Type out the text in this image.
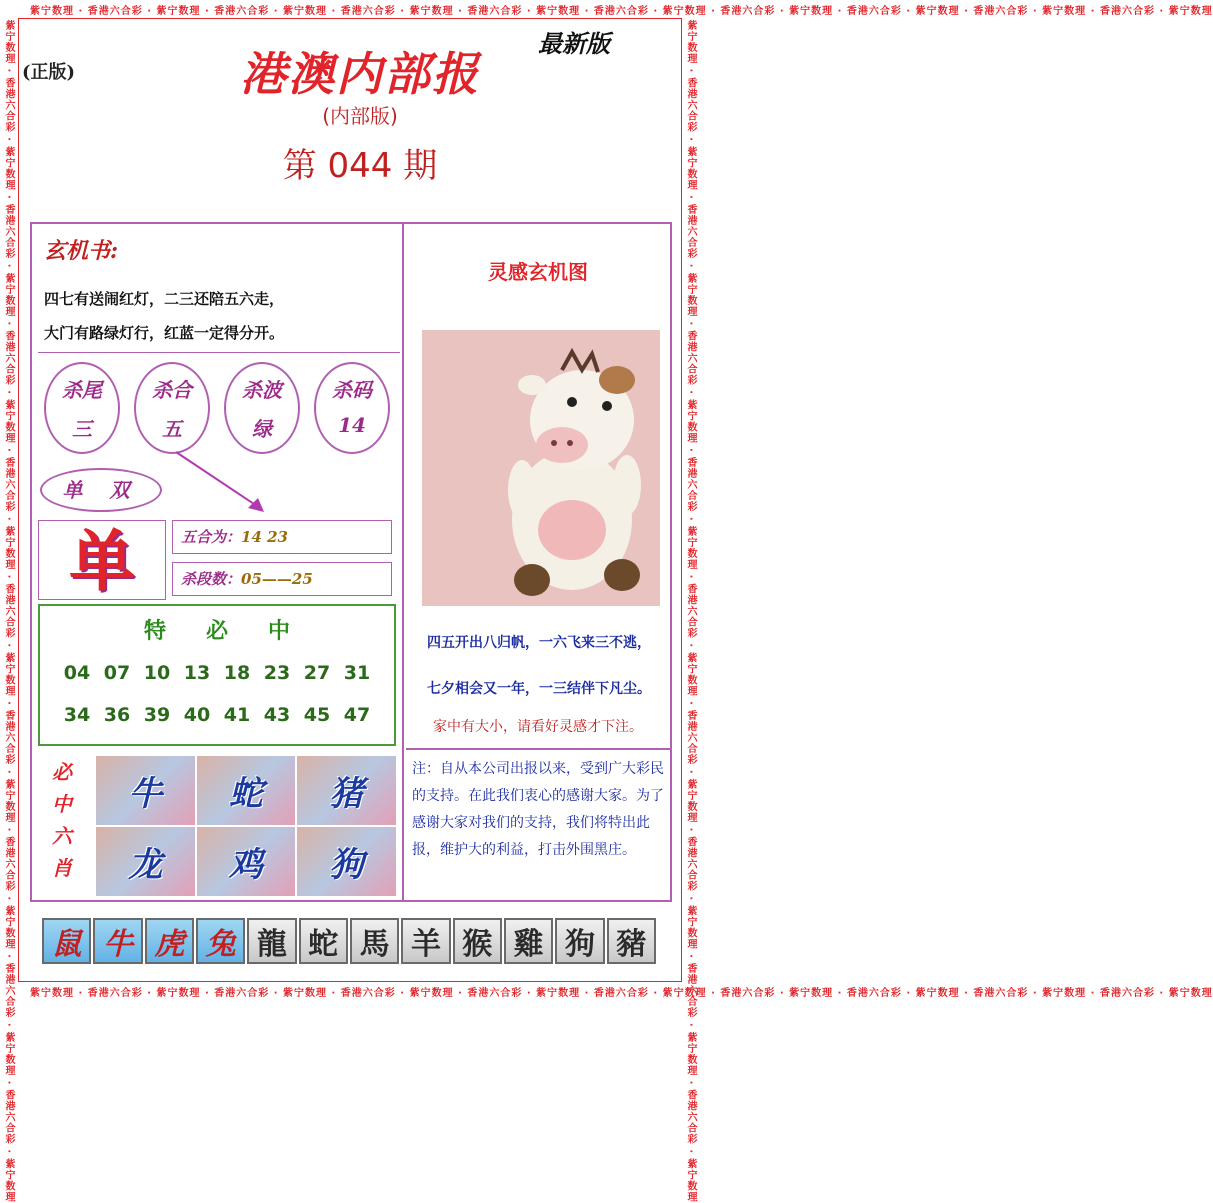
紫宁数理 · 香港六合彩 · 紫宁数理 · 香港六合彩 · 紫宁数理 · 香港六合彩 · 紫宁数理 · 香港六合彩 · 紫宁数理 · 香港六合彩 · 紫宁数理 · 香港六合彩 · 紫宁数理 · 香港六合彩 · 紫宁数理 · 香港六合彩 · 紫宁数理 · 香港六合彩 · 紫宁数理
紫宁数理 · 香港六合彩 · 紫宁数理 · 香港六合彩 · 紫宁数理 · 香港六合彩 · 紫宁数理 · 香港六合彩 · 紫宁数理 · 香港六合彩 · 紫宁数理 · 香港六合彩 · 紫宁数理 · 香港六合彩 · 紫宁数理 · 香港六合彩 · 紫宁数理 · 香港六合彩 · 紫宁数理
紫宁数理 · 香港六合彩 · 紫宁数理 · 香港六合彩 · 紫宁数理 · 香港六合彩 · 紫宁数理 · 香港六合彩 · 紫宁数理 · 香港六合彩 · 紫宁数理 · 香港六合彩 · 紫宁数理 · 香港六合彩 · 紫宁数理 · 香港六合彩 · 紫宁数理 · 香港六合彩 · 紫宁数理	紫宁数理 · 香港六合彩 · 紫宁数理 · 香港六合彩 · 紫宁数理 · 香港六合彩 · 紫宁数理 · 香港六合彩 · 紫宁数理 · 香港六合彩 · 紫宁数理 · 香港六合彩 · 紫宁数理 · 香港六合彩 · 紫宁数理 · 香港六合彩 · 紫宁数理 · 香港六合彩 · 紫宁数理
(正版)
最新版
港澳内部报
(内部版)
第 044 期
玄机书:
四七有送闹红灯，二三还陪五六走，
大门有路绿灯行，红蓝一定得分开。
杀尾
三
杀合
五
杀波
绿
杀码
14
单 双
单	五合为：14 23
杀段数：05——25
特必中
04 07 10 13 18 23 27 31
34 36 39 40 41 43 45 47
必
中
六
肖
牛	蛇	猪
龙	鸡	狗
灵感玄机图
四五开出八归帆，一六飞来三不逃，
七夕相会又一年，一三结伴下凡尘。
家中有大小，请看好灵感才下注。
注：自从本公司出报以来，受到广大彩民的支持。在此我们衷心的感谢大家。为了感谢大家对我们的支持，我们将特出此报，维护大的利益，打击外围黑庄。
鼠 牛 虎 兔 龍 蛇 馬 羊 猴 雞 狗 豬
